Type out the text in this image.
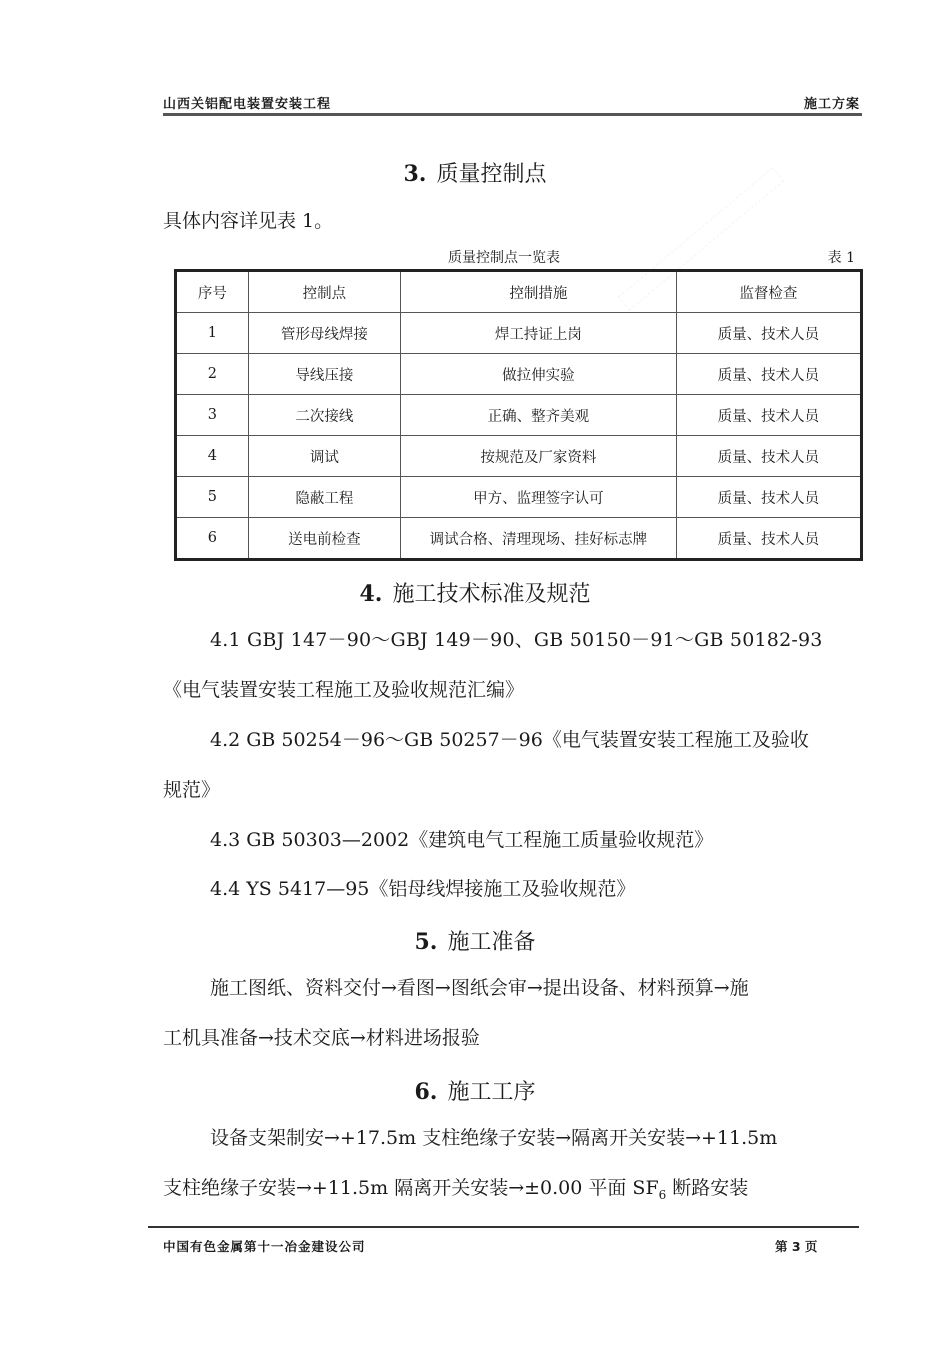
山西关铝配电装置安装工程	施工方案
3. 质量控制点
具体内容详见表 1。
质量控制点一览表	表 1
序号	控制点	控制措施	监督检查
1	管形母线焊接	焊工持证上岗	质量、技术人员
2	导线压接	做拉伸实验	质量、技术人员
3	二次接线	正确、整齐美观	质量、技术人员
4	调试	按规范及厂家资料	质量、技术人员
5	隐蔽工程	甲方、监理签字认可	质量、技术人员
6	送电前检查	调试合格、清理现场、挂好标志牌	质量、技术人员
4. 施工技术标准及规范
4.1 GBJ 147－90～GBJ 149－90、GB 50150－91～GB 50182-93
《电气装置安装工程施工及验收规范汇编》
4.2 GB 50254－96～GB 50257－96《电气装置安装工程施工及验收
规范》
4.3 GB 50303—2002《建筑电气工程施工质量验收规范》
4.4 YS 5417—95《铝母线焊接施工及验收规范》
5. 施工准备
施工图纸、资料交付→看图→图纸会审→提出设备、材料预算→施
工机具准备→技术交底→材料进场报验
6. 施工工序
设备支架制安→+17.5m 支柱绝缘子安装→隔离开关安装→+11.5m
支柱绝缘子安装→+11.5m 隔离开关安装→±0.00 平面 $SF_6$ 断路安装
中国有色金属第十一冶金建设公司	第 3 页
